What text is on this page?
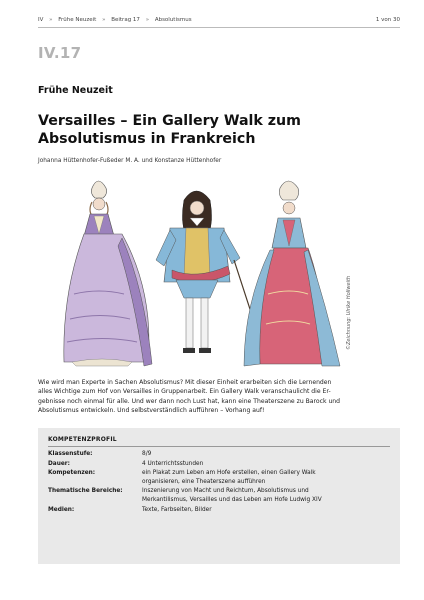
IV » Frühe Neuzeit » Beitrag 17 » Absolutismus	1 von 30
IV.17
Frühe Neuzeit
Versailles – Ein Gallery Walk zum
Absolutismus in Frankreich
Johanna Hüttenhofer-Fußeder M. A. und Konstanze Hüttenhofer
©Zeichnung: Ulrike Hollweith
Wie wird man Experte in Sachen Absolutismus? Mit dieser Einheit erarbeiten sich die Lernenden
alles Wichtige zum Hof von Versailles in Gruppenarbeit. Ein Gallery Walk veranschaulicht die Er-
gebnisse noch einmal für alle. Und wer dann noch Lust hat, kann eine Theaterszene zu Barock und
Absolutismus entwickeln. Und selbstverständlich aufführen – Vorhang auf!
KOMPETENZPROFIL
Klassenstufe:	8/9

Dauer:	4 Unterrichtsstunden

Kompetenzen:	ein Plakat zum Leben am Hofe erstellen, einen Gallery Walk
organisieren, eine Theaterszene aufführen

Thematische Bereiche:	Inszenierung von Macht und Reichtum, Absolutismus und
Merkantilismus, Versailles und das Leben am Hofe Ludwig XIV

Medien:	Texte, Farbseiten, Bilder
